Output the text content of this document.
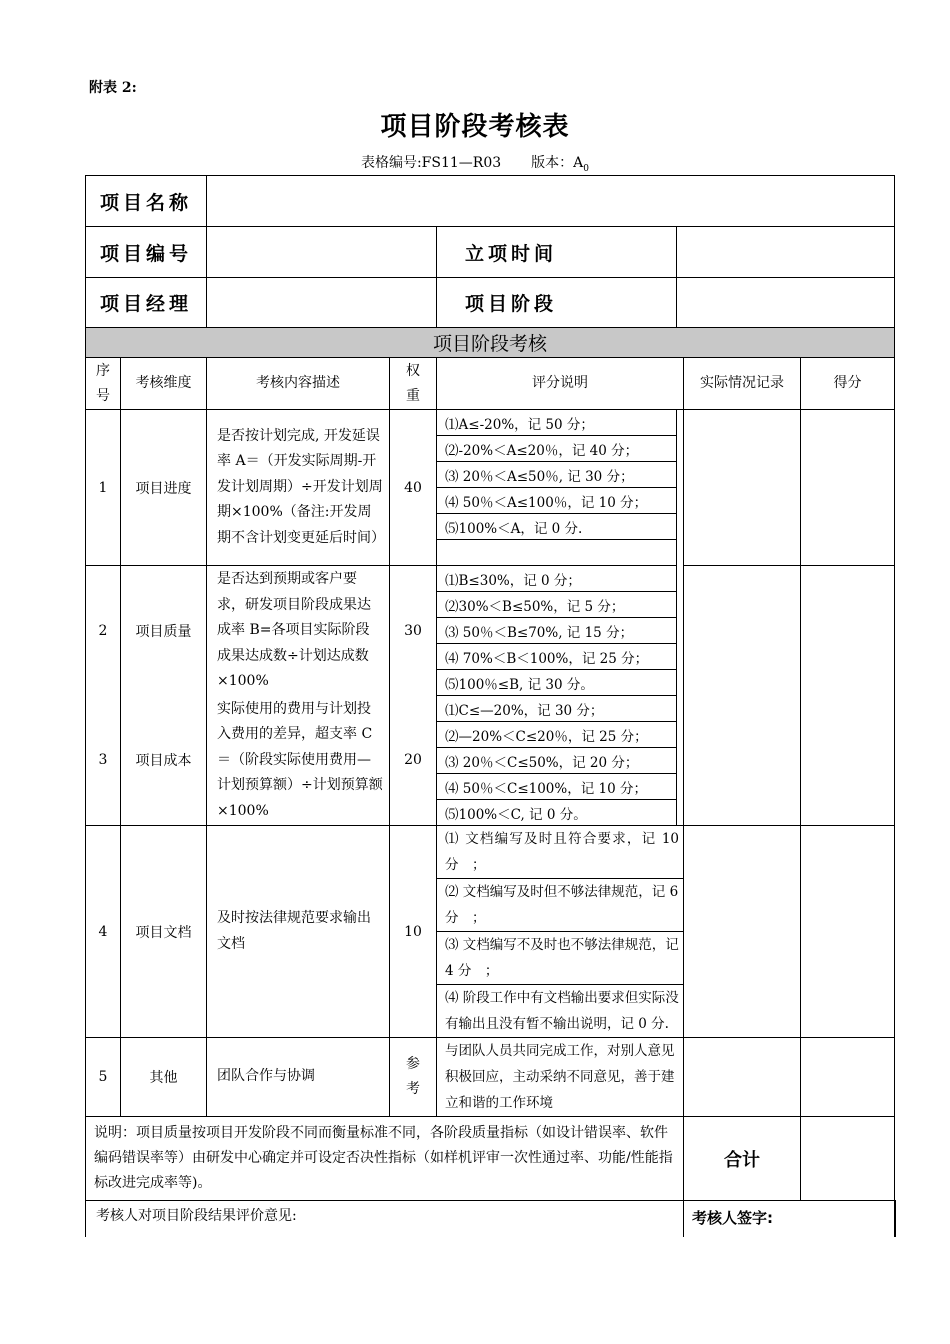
附表 2:
项目阶段考核表
表格编号:FS11—R03 版本：$A_0$
项目名称							
项目编号				立项时间			
项目经理				项目阶段			
项目阶段考核							
序号	考核维度	考核内容描述	权重	评分说明		实际情况记录	得分
1	项目进度	是否按计划完成, 开发延误率 A＝（开发实际周期-开发计划周期）÷开发计划周期×100%（备注:开发周期不含计划变更延后时间）	40	⑴A≤-20%，记 50 分；			
				⑵-20%＜A≤20％，记 40 分；			
				⑶ 20％＜A≤50％, 记 30 分；			
				⑷ 50％＜A≤100％，记 10 分；			
				⑸100%＜A，记 0 分.			

2	项目质量	是否达到预期或客户要求，研发项目阶段成果达成率 B=各项目实际阶段成果达成数÷计划达成数×100%	30	⑴B≤30%，记 0 分；			
				⑵30%＜B≤50%，记 5 分；			
				⑶ 50％＜B≤70%, 记 15 分；			
				⑷ 70%＜B＜100%，记 25 分；			
				⑸100％≤B, 记 30 分。			
3	项目成本	实际使用的费用与计划投入费用的差异，超支率 C＝（阶段实际使用费用—计划预算额）÷计划预算额×100%	20	⑴C≤—20%，记 30 分；			
				⑵—20%＜C≤20％，记 25 分；			
				⑶ 20％＜C≤50%，记 20 分；			
				⑷ 50％＜C≤100%，记 10 分；			
				⑸100%＜C, 记 0 分。			
4	项目文档	及时按法律规范要求输出文档	10	⑴ 文档编写及时且符合要求，记 10 分　；			
				⑵ 文档编写及时但不够法律规范，记 6 分　；			
				⑶ 文档编写不及时也不够法律规范，记 4 分　；			
				⑷ 阶段工作中有文档输出要求但实际没有输出且没有暂不输出说明，记 0 分.			
5	其他	团队合作与协调	参考	与团队人员共同完成工作，对别人意见积极回应，主动采纳不同意见，善于建立和谐的工作环境			
说明：项目质量按项目开发阶段不同而衡量标准不同，各阶段质量指标（如设计错误率、软件编码错误率等）由研发中心确定并可设定否决性指标（如样机评审一次性通过率、功能/性能指标改进完成率等)。						合计	
考核人对项目阶段结果评价意见:						考核人签字:	
